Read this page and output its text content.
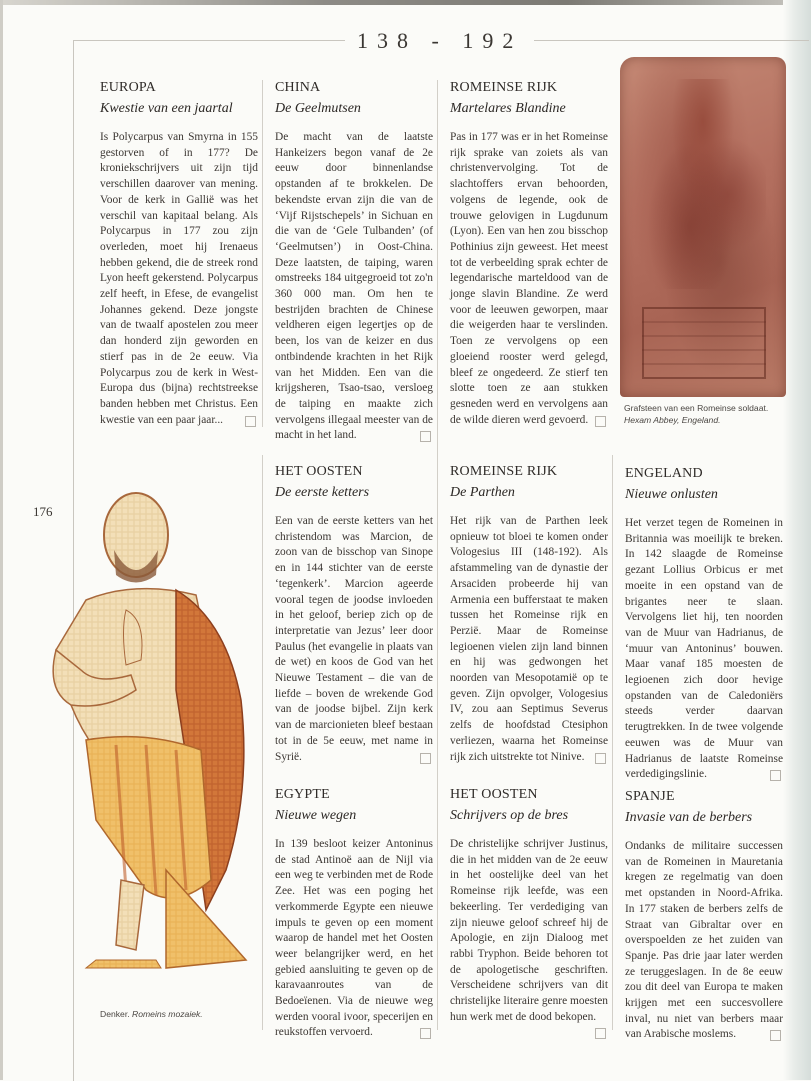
138 - 192
176
Grafsteen van een Romeinse soldaat.
Hexam Abbey, Engeland.
Denker. Romeins mozaiek.
EUROPA
Kwestie van een jaartal
Is Polycarpus van Smyrna in 155 gestorven of in 177? De kroniekschrijvers uit zijn tijd verschillen daarover van mening. Voor de kerk in Gallië was het verschil van kapitaal belang. Als Polycarpus in 177 zou zijn overleden, moet hij Irenaeus hebben gekend, die de streek rond Lyon heeft gekerstend. Polycarpus zelf heeft, in Efese, de evangelist Johannes gekend. Deze jongste van de twaalf apostelen zou meer dan honderd zijn geworden en stierf pas in de 2e eeuw. Via Polycarpus zou de kerk in West-Europa dus (bijna) rechtstreekse banden hebben met Christus. Een kwestie van een paar jaar...
CHINA
De Geelmutsen
De macht van de laatste Hankeizers begon vanaf de 2e eeuw door binnenlandse opstanden af te brokkelen. De bekendste ervan zijn die van de ‘Vijf Rijstschepels’ in Sichuan en die van de ‘Gele Tulbanden’ (of ‘Geelmutsen’) in Oost-China. Deze laatsten, de taiping, waren omstreeks 184 uitgegroeid tot zo'n 360 000 man. Om hen te bestrijden brachten de Chinese veldheren eigen legertjes op de been, los van de keizer en dus ontbindende krachten in het Rijk van het Midden. Een van die krijgsheren, Tsao-tsao, versloeg de taiping en maakte zich vervolgens illegaal meester van de macht in het land.
ROMEINSE RIJK
Martelares Blandine
Pas in 177 was er in het Romeinse rijk sprake van zoiets als van christenvervolging. Tot de slachtoffers ervan behoorden, volgens de legende, ook de trouwe gelovigen in Lugdunum (Lyon). Een van hen zou bisschop Pothinius zijn geweest. Het meest tot de verbeelding sprak echter de legendarische marteldood van de jonge slavin Blandine. Ze werd voor de leeuwen geworpen, maar die weigerden haar te verslinden. Toen ze vervolgens op een gloeiend rooster werd gelegd, bleef ze ongedeerd. Ze stierf ten slotte toen ze aan stukken gesneden werd en vervolgens aan de wilde dieren werd gevoerd.
HET OOSTEN
De eerste ketters
Een van de eerste ketters van het christendom was Marcion, de zoon van de bisschop van Sinope en in 144 stichter van de eerste ‘tegenkerk’. Marcion ageerde vooral tegen de joodse invloeden in het geloof, beriep zich op de interpretatie van Jezus’ leer door Paulus (het evangelie in plaats van de wet) en koos de God van het Nieuwe Testament – die van de liefde – boven de wrekende God van de joodse bijbel. Zijn kerk van de marcionieten bleef bestaan tot in de 5e eeuw, met name in Syrië.
ROMEINSE RIJK
De Parthen
Het rijk van de Parthen leek opnieuw tot bloei te komen onder Vologesius III (148-192). Als afstammeling van de dynastie der Arsaciden probeerde hij van Armenia een bufferstaat te maken tussen het Romeinse rijk en Perzië. Maar de Romeinse legioenen vielen zijn land binnen en hij was gedwongen het noorden van Mesopotamië op te geven. Zijn opvolger, Vologesius IV, zou aan Septimus Severus zelfs de hoofdstad Ctesiphon verliezen, waarna het Romeinse rijk zich uitstrekte tot Ninive.
ENGELAND
Nieuwe onlusten
Het verzet tegen de Romeinen in Britannia was moeilijk te breken. In 142 slaagde de Romeinse gezant Lollius Orbicus er met moeite in een opstand van de brigantes neer te slaan. Vervolgens liet hij, ten noorden van de Muur van Hadrianus, de ‘muur van Antoninus’ bouwen. Maar vanaf 185 moesten de legioenen zich door hevige opstanden van de Caledoniërs steeds verder daarvan terugtrekken. In de twee volgende eeuwen was de Muur van Hadrianus de laatste Romeinse verdedigingslinie.
EGYPTE
Nieuwe wegen
In 139 besloot keizer Antoninus de stad Antinoë aan de Nijl via een weg te verbinden met de Rode Zee. Het was een poging het verkommerde Egypte een nieuwe impuls te geven op een moment waarop de handel met het Oosten weer belangrijker werd, en het gebied aansluiting te geven op de karavaanroutes van de Bedoeïenen. Via de nieuwe weg werden vooral ivoor, specerijen en reukstoffen vervoerd.
HET OOSTEN
Schrijvers op de bres
De christelijke schrijver Justinus, die in het midden van de 2e eeuw in het oostelijke deel van het Romeinse rijk leefde, was een bekeerling. Ter verdediging van zijn nieuwe geloof schreef hij de Apologie, en zijn Dialoog met rabbi Tryphon. Beide behoren tot de apologetische geschriften. Verscheidene schrijvers van dit christelijke literaire genre moesten hun werk met de dood bekopen.
SPANJE
Invasie van de berbers
Ondanks de militaire successen van de Romeinen in Mauretania kregen ze regelmatig van doen met opstanden in Noord-Afrika. In 177 staken de berbers zelfs de Straat van Gibraltar over en overspoelden ze het zuiden van Spanje. Pas drie jaar later werden ze teruggeslagen. In de 8e eeuw zou dit deel van Europa te maken krijgen met een succesvollere inval, nu niet van berbers maar van Arabische moslems.
